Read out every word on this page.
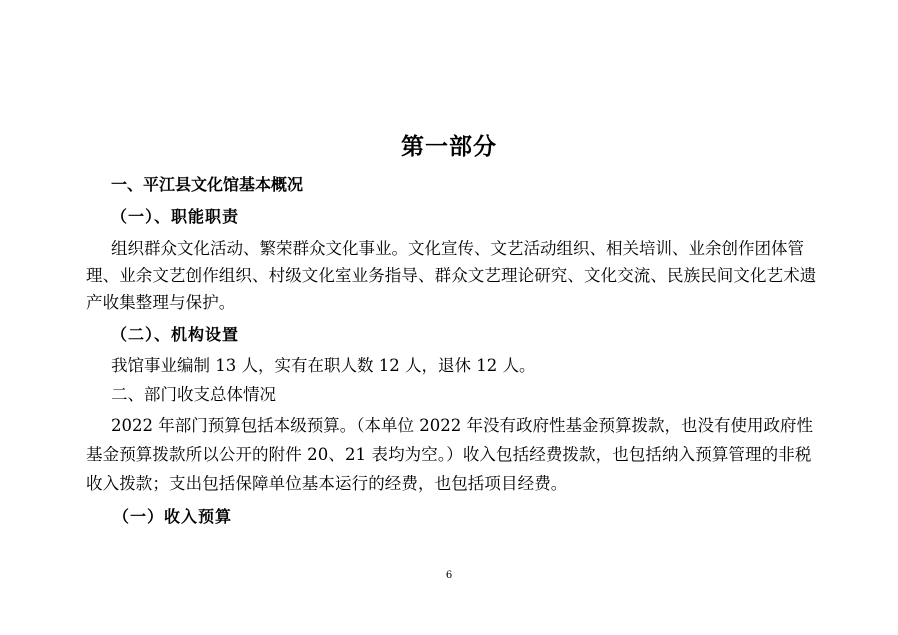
第一部分
一、平江县文化馆基本概况
（一）、职能职责
组织群众文化活动、繁荣群众文化事业。文化宣传、文艺活动组织、相关培训、业余创作团体管
理、业余文艺创作组织、村级文化室业务指导、群众文艺理论研究、文化交流、民族民间文化艺术遗
产收集整理与保护。
（二）、机构设置
我馆事业编制 13 人，实有在职人数 12 人，退休 12 人。
二、部门收支总体情况
2022 年部门预算包括本级预算。（本单位 2022 年没有政府性基金预算拨款，也没有使用政府性
基金预算拨款所以公开的附件 20、21 表均为空。）收入包括经费拨款，也包括纳入预算管理的非税
收入拨款；支出包括保障单位基本运行的经费，也包括项目经费。
（一）收入预算
6
